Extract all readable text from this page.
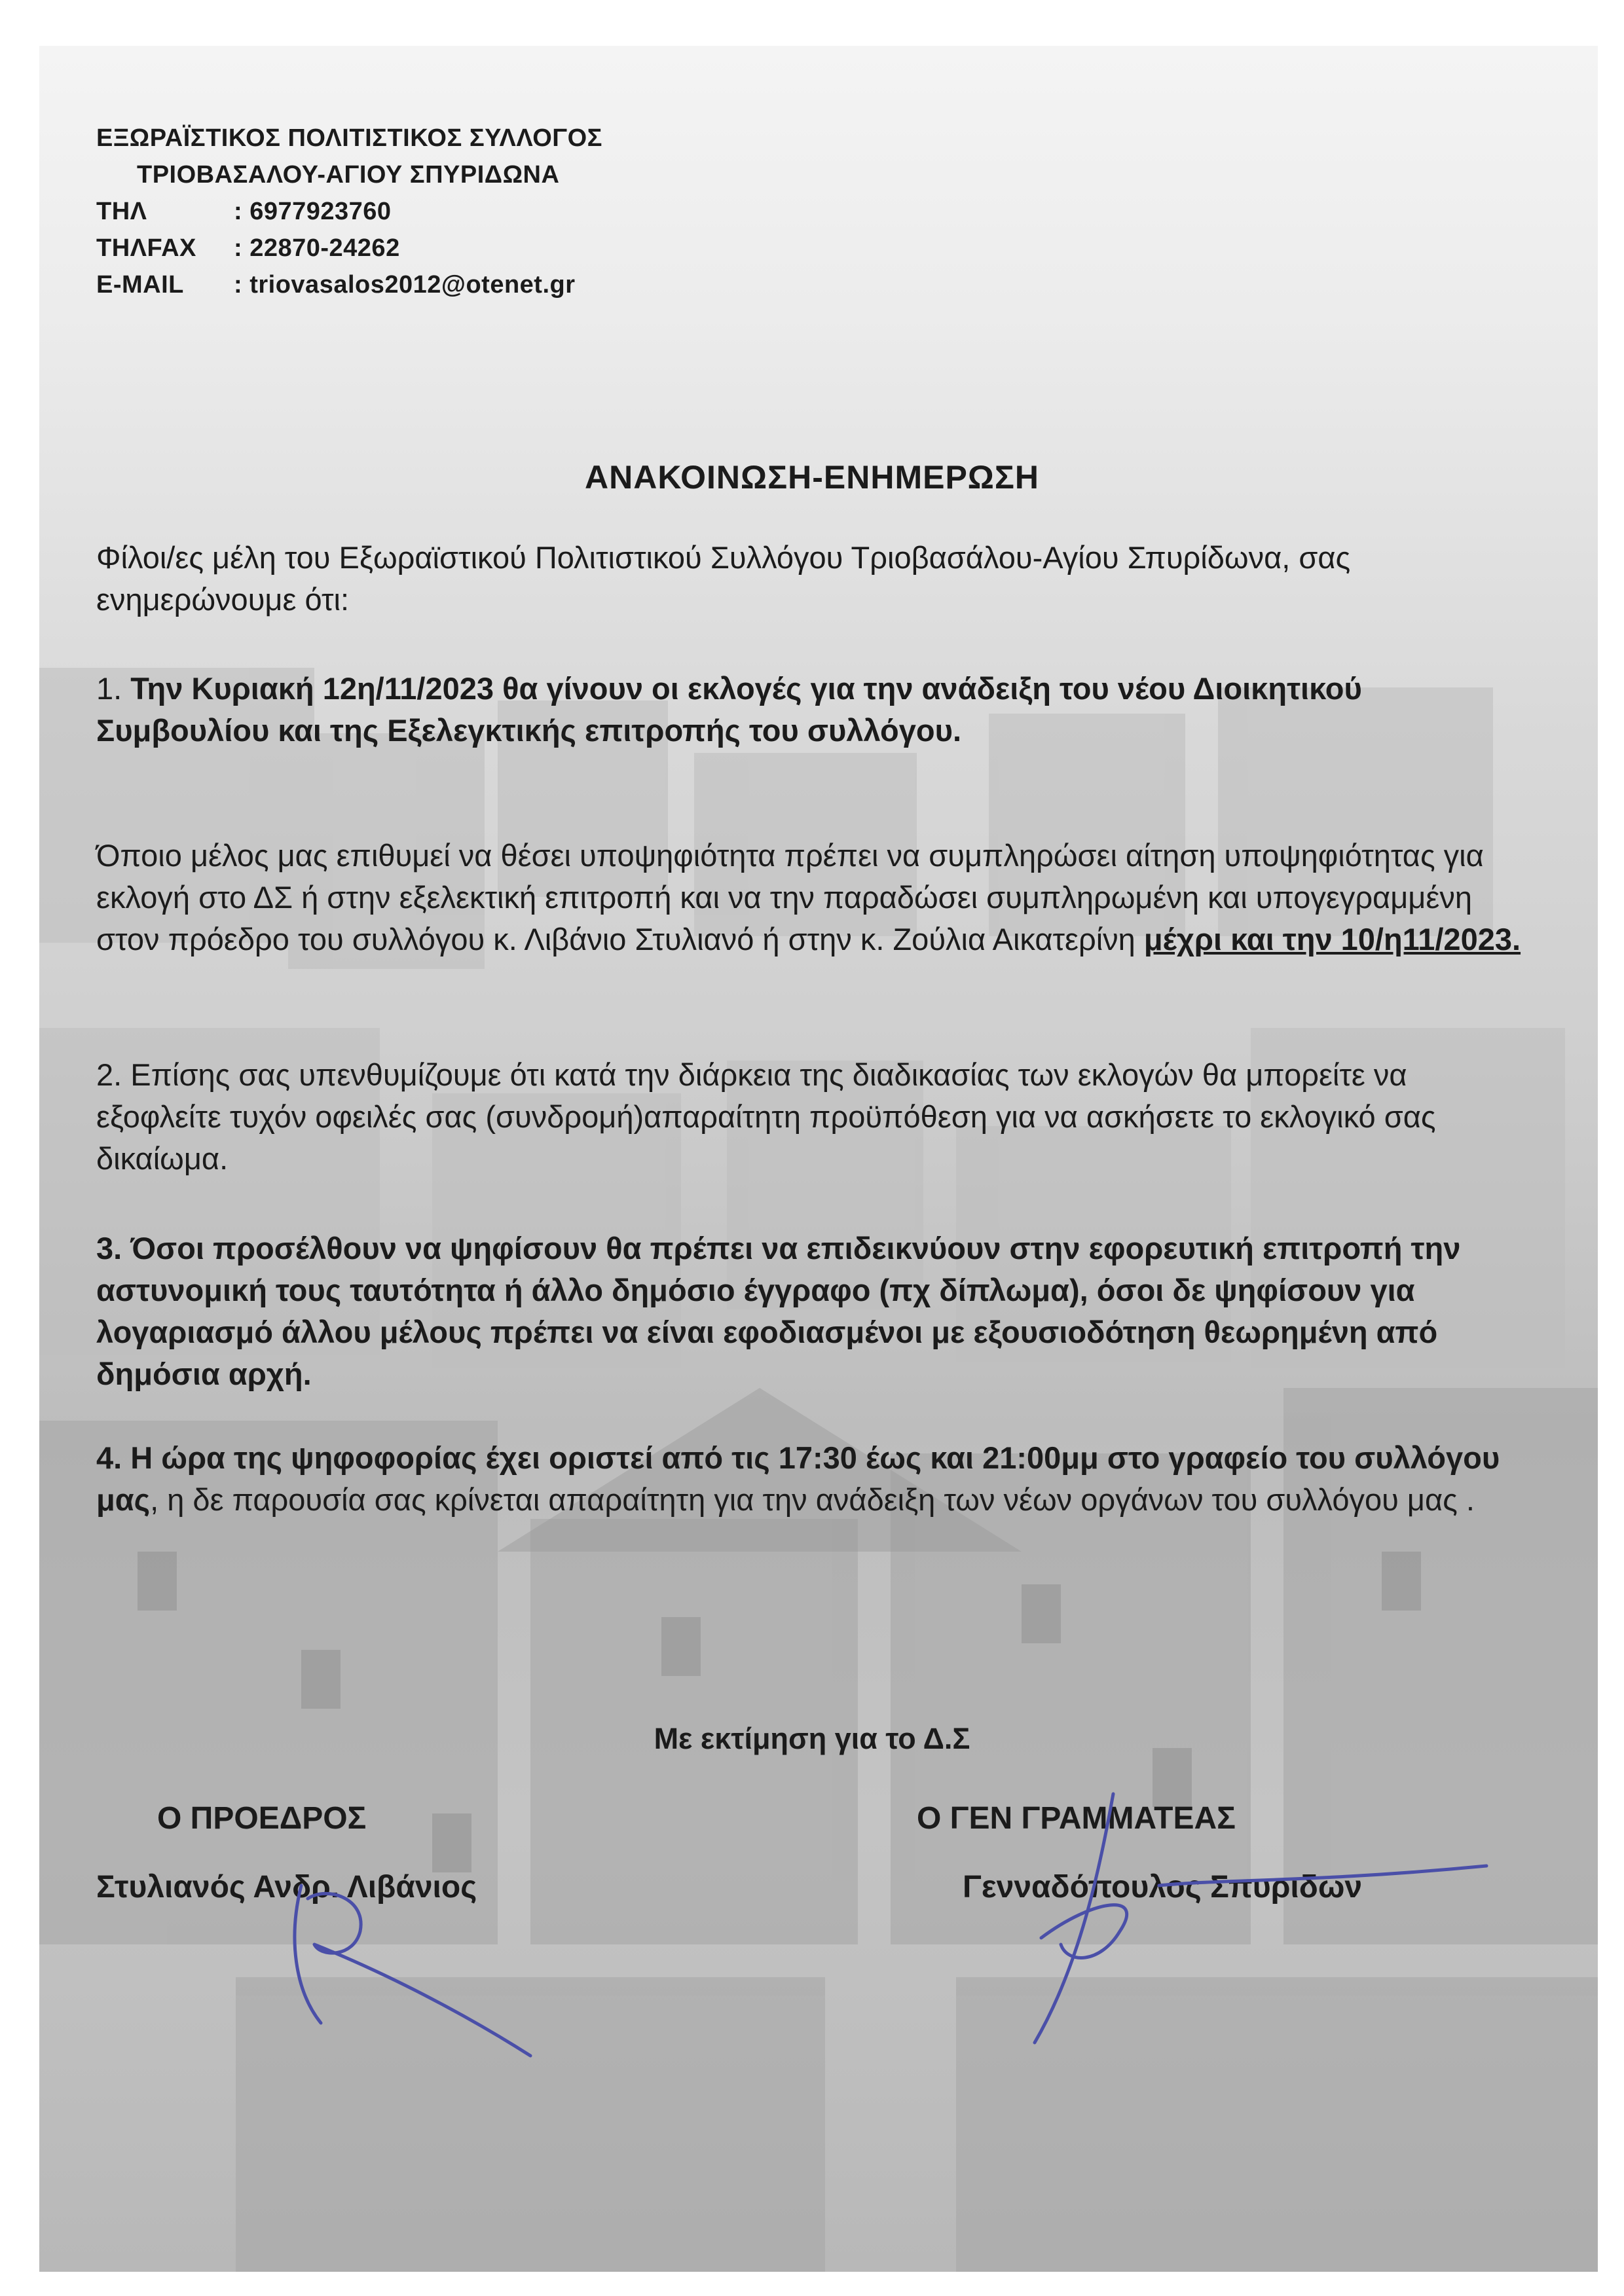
ΕΞΩΡΑΪΣΤΙΚΟΣ ΠΟΛΙΤΙΣΤΙΚΟΣ ΣΥΛΛΟΓΟΣ
ΤΡΙΟΒΑΣΑΛΟΥ-ΑΓΙΟΥ ΣΠΥΡΙΔΩΝΑ
ΤΗΛ	: 6977923760
ΤΗΛFAX : 22870-24262
E-MAIL : triovasalos2012@otenet.gr
ΑΝΑΚΟΙΝΩΣΗ-ΕΝΗΜΕΡΩΣΗ
Φίλοι/ες μέλη του Εξωραϊστικού Πολιτιστικού Συλλόγου Τριοβασάλου-Αγίου Σπυρίδωνα, σας ενημερώνουμε ότι:
1. Την Κυριακή 12η/11/2023 θα γίνουν οι εκλογές για την ανάδειξη του νέου Διοικητικού Συμβουλίου και της Εξελεγκτικής επιτροπής του συλλόγου.
Όποιο μέλος μας επιθυμεί να θέσει υποψηφιότητα πρέπει να συμπληρώσει αίτηση υποψηφιότητας για εκλογή στο ΔΣ ή στην εξελεκτική επιτροπή και να την παραδώσει συμπληρωμένη και υπογεγραμμένη στον πρόεδρο του συλλόγου κ. Λιβάνιο Στυλιανό ή στην κ. Ζούλια Αικατερίνη μέχρι και την 10/η11/2023.
2. Επίσης σας υπενθυμίζουμε ότι κατά την διάρκεια της διαδικασίας των εκλογών θα μπορείτε να εξοφλείτε τυχόν οφειλές σας (συνδρομή)απαραίτητη προϋπόθεση για να ασκήσετε το εκλογικό σας δικαίωμα.
3. Όσοι προσέλθουν να ψηφίσουν θα πρέπει να επιδεικνύουν στην εφορευτική επιτροπή την αστυνομική τους ταυτότητα ή άλλο δημόσιο έγγραφο (πχ δίπλωμα), όσοι δε ψηφίσουν για λογαριασμό άλλου μέλους πρέπει να είναι εφοδιασμένοι με εξουσιοδότηση θεωρημένη από δημόσια αρχή.
4. Η ώρα της ψηφοφορίας έχει οριστεί από τις 17:30 έως και 21:00μμ στο γραφείο του συλλόγου μας, η δε παρουσία σας κρίνεται απαραίτητη για την ανάδειξη των νέων οργάνων του συλλόγου μας .
Με εκτίμηση για το Δ.Σ
Ο ΠΡΟΕΔΡΟΣ
Στυλιανός Ανδρ. Λιβάνιος
Ο ΓΕΝ ΓΡΑΜΜΑΤΕΑΣ
Γενναδόπουλος Σπυριδων
